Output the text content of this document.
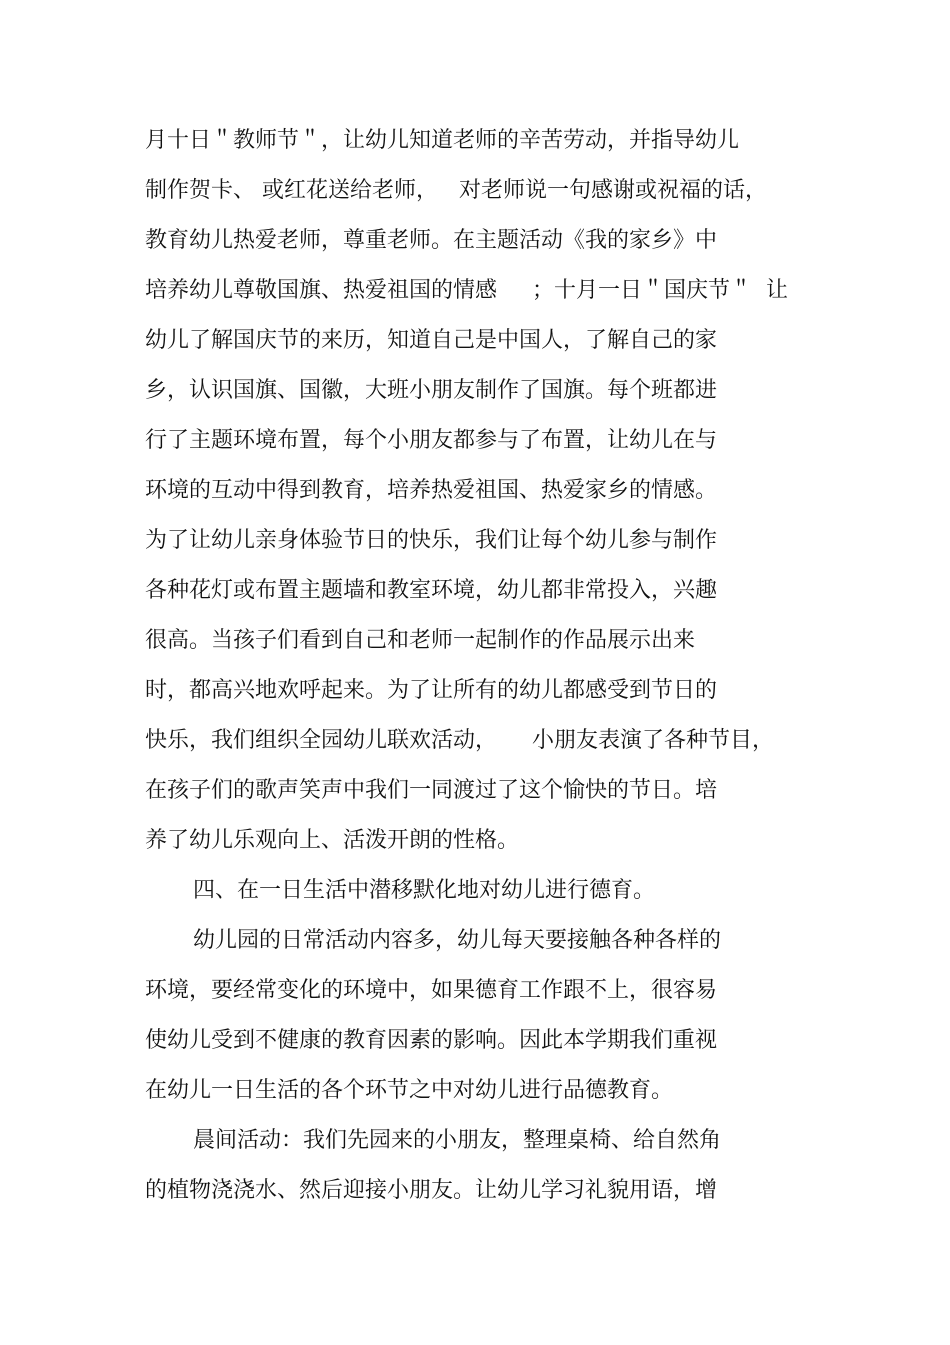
月十日＂教师节＂，让幼儿知道老师的辛苦劳动，并指导幼儿

制作贺卡、 或红花送给老师，   对老师说一句感谢或祝福的话，

教育幼儿热爱老师，尊重老师。在主题活动《我的家乡》中

培养幼儿尊敬国旗、热爱祖国的情感     ；十月一日＂国庆节＂  让

幼儿了解国庆节的来历，知道自己是中国人，了解自己的家

乡，认识国旗、国徽，大班小朋友制作了国旗。每个班都进

行了主题环境布置，每个小朋友都参与了布置，让幼儿在与

环境的互动中得到教育，培养热爱祖国、热爱家乡的情感。

为了让幼儿亲身体验节日的快乐，我们让每个幼儿参与制作

各种花灯或布置主题墙和教室环境，幼儿都非常投入，兴趣

很高。当孩子们看到自己和老师一起制作的作品展示出来

时，都高兴地欢呼起来。为了让所有的幼儿都感受到节日的

快乐，我们组织全园幼儿联欢活动，     小朋友表演了各种节目，

在孩子们的歌声笑声中我们一同渡过了这个愉快的节日。培

养了幼儿乐观向上、活泼开朗的性格。

四、在一日生活中潜移默化地对幼儿进行德育。

幼儿园的日常活动内容多，幼儿每天要接触各种各样的

环境，要经常变化的环境中，如果德育工作跟不上，很容易

使幼儿受到不健康的教育因素的影响。因此本学期我们重视

在幼儿一日生活的各个环节之中对幼儿进行品德教育。

晨间活动：我们先园来的小朋友，整理桌椅、给自然角

的植物浇浇水、然后迎接小朋友。让幼儿学习礼貌用语，增
